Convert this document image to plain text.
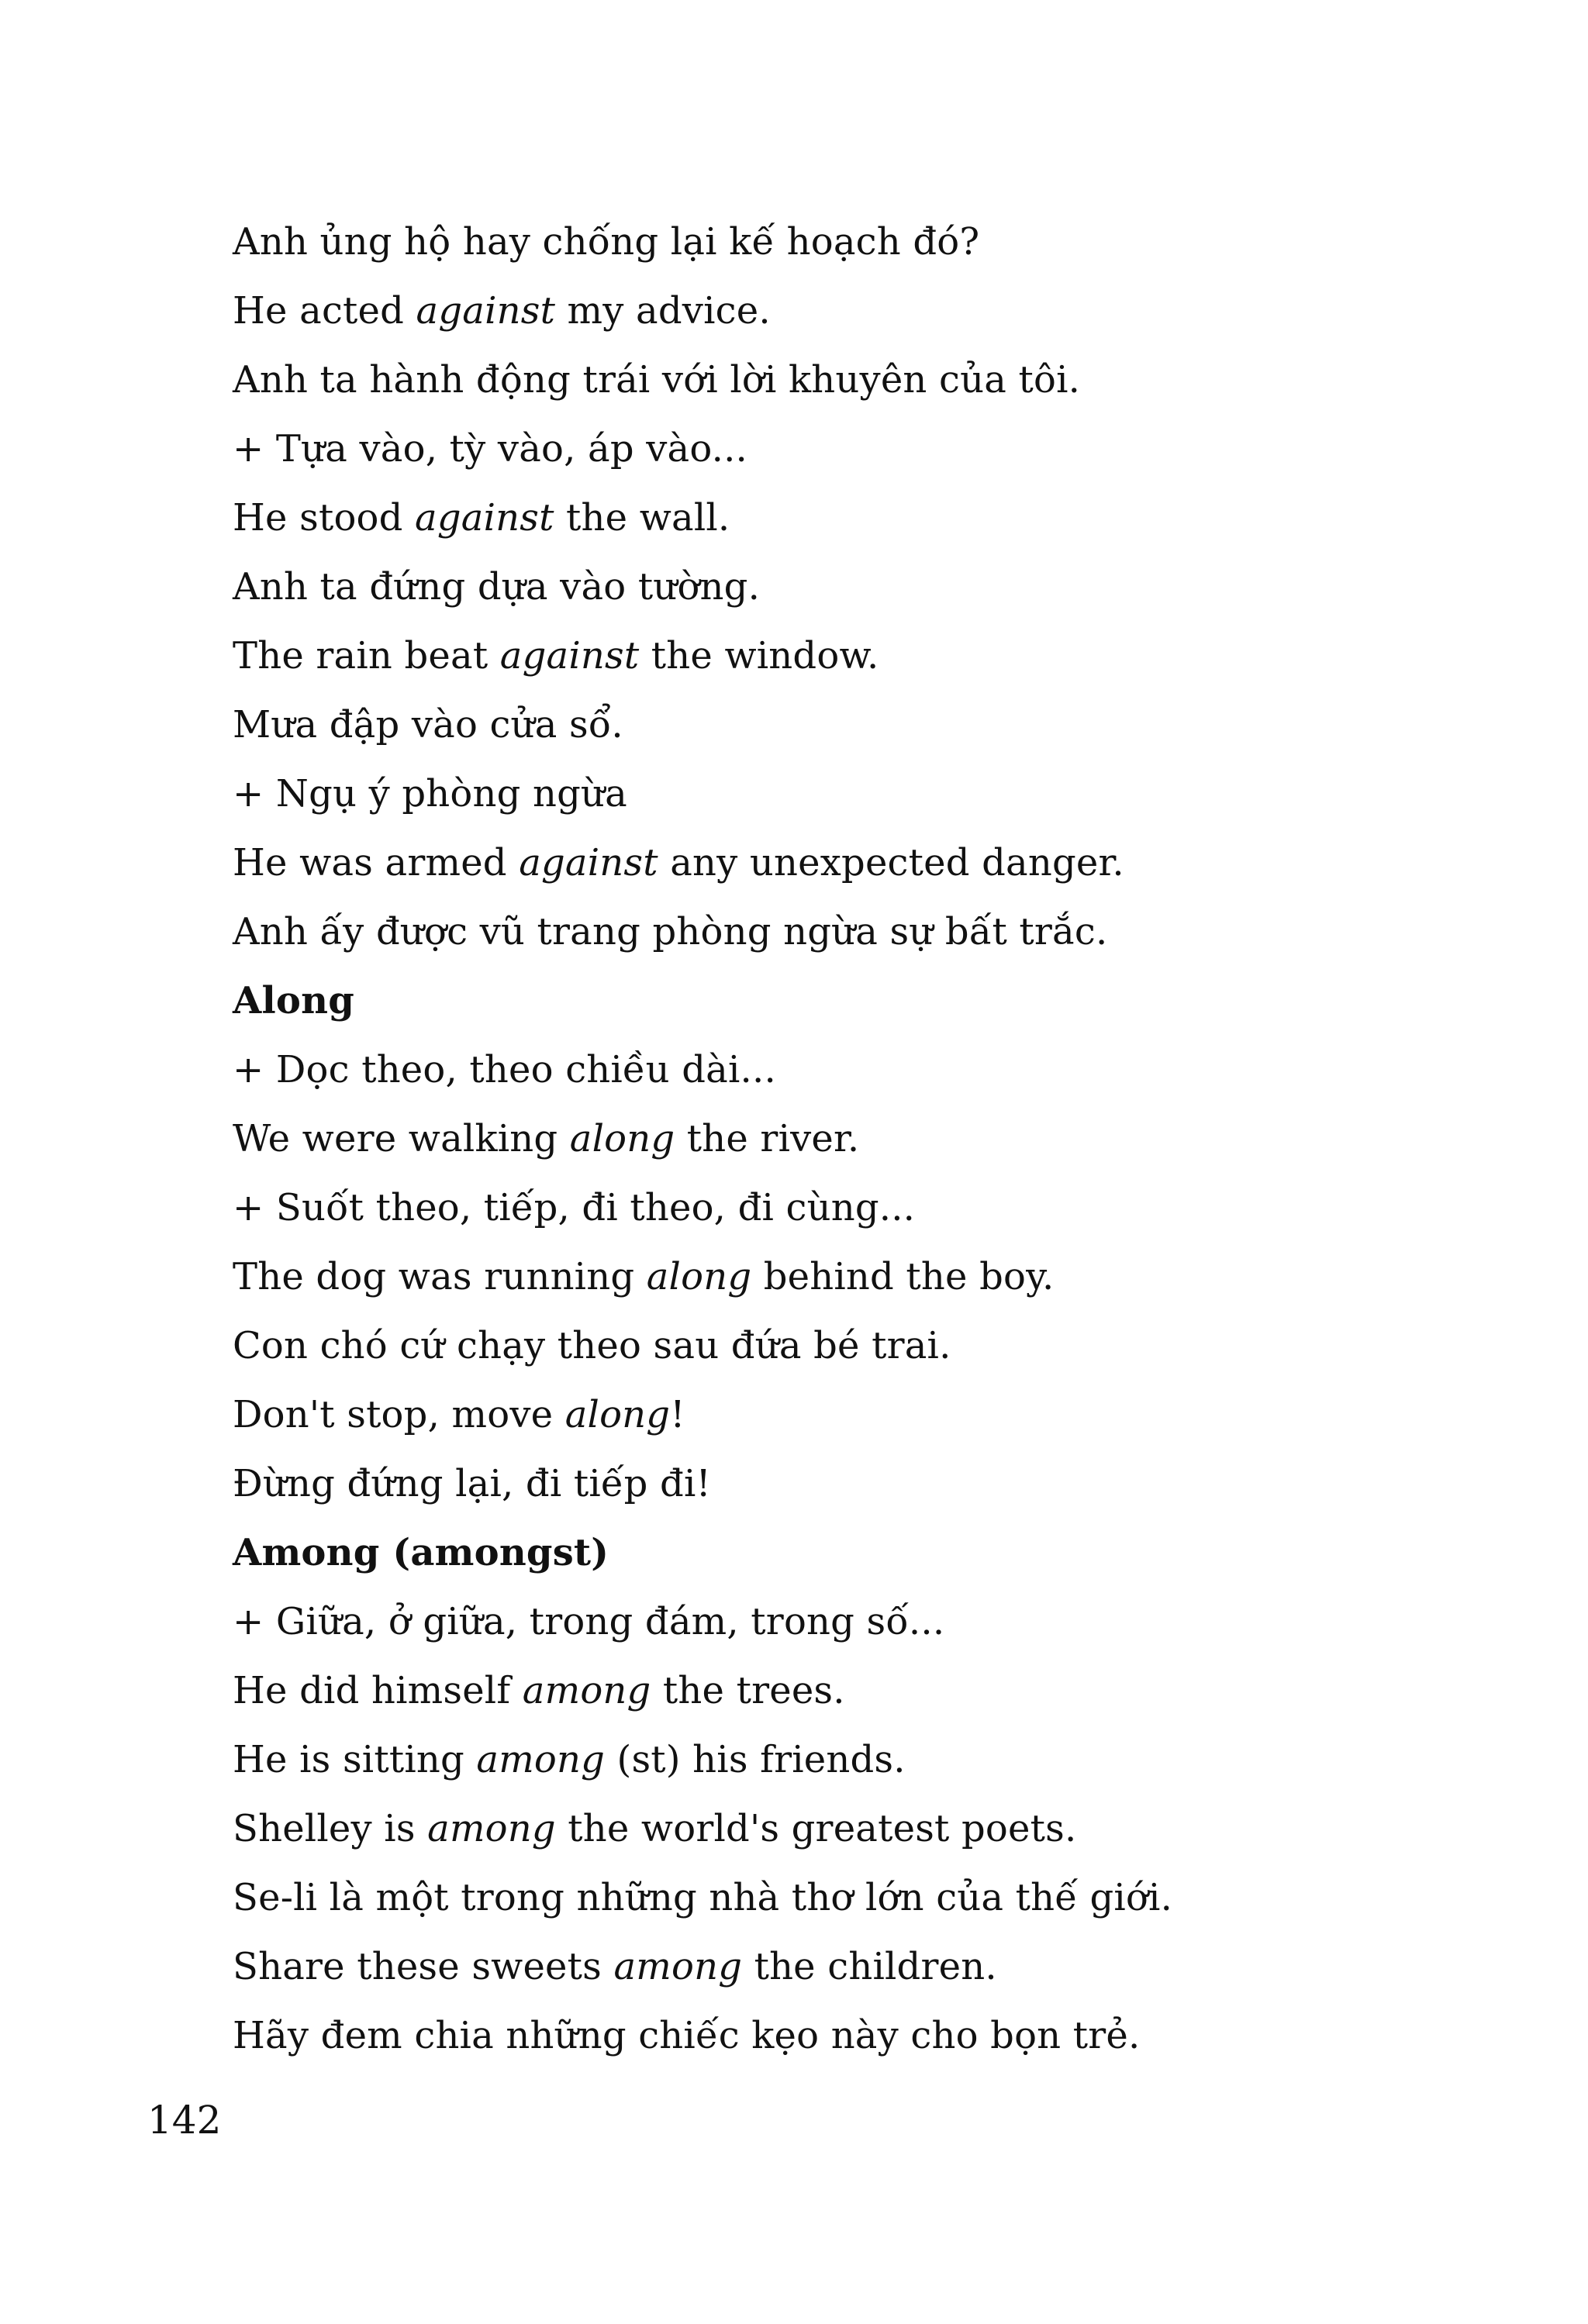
Anh ủng hộ hay chống lại kế hoạch đó?
He acted against my advice.
Anh ta hành động trái với lời khuyên của tôi.
+ Tựa vào, tỳ vào, áp vào...
He stood against the wall.
Anh ta đứng dựa vào tường.
The rain beat against the window.
Mưa đập vào cửa sổ.
+ Ngụ ý phòng ngừa
He was armed against any unexpected danger.
Anh ấy được vũ trang phòng ngừa sự bất trắc.
Along
+ Dọc theo, theo chiều dài...
We were walking along the river.
+ Suốt theo, tiếp, đi theo, đi cùng...
The dog was running along behind the boy.
Con chó cứ chạy theo sau đứa bé trai.
Don't stop, move along!
Đừng đứng lại, đi tiếp đi!
Among (amongst)
+ Giữa, ở giữa, trong đám, trong số...
He did himself among the trees.
He is sitting among (st) his friends.
Shelley is among the world's greatest poets.
Se-li là một trong những nhà thơ lớn của thế giới.
Share these sweets among the children.
Hãy đem chia những chiếc kẹo này cho bọn trẻ.
142
